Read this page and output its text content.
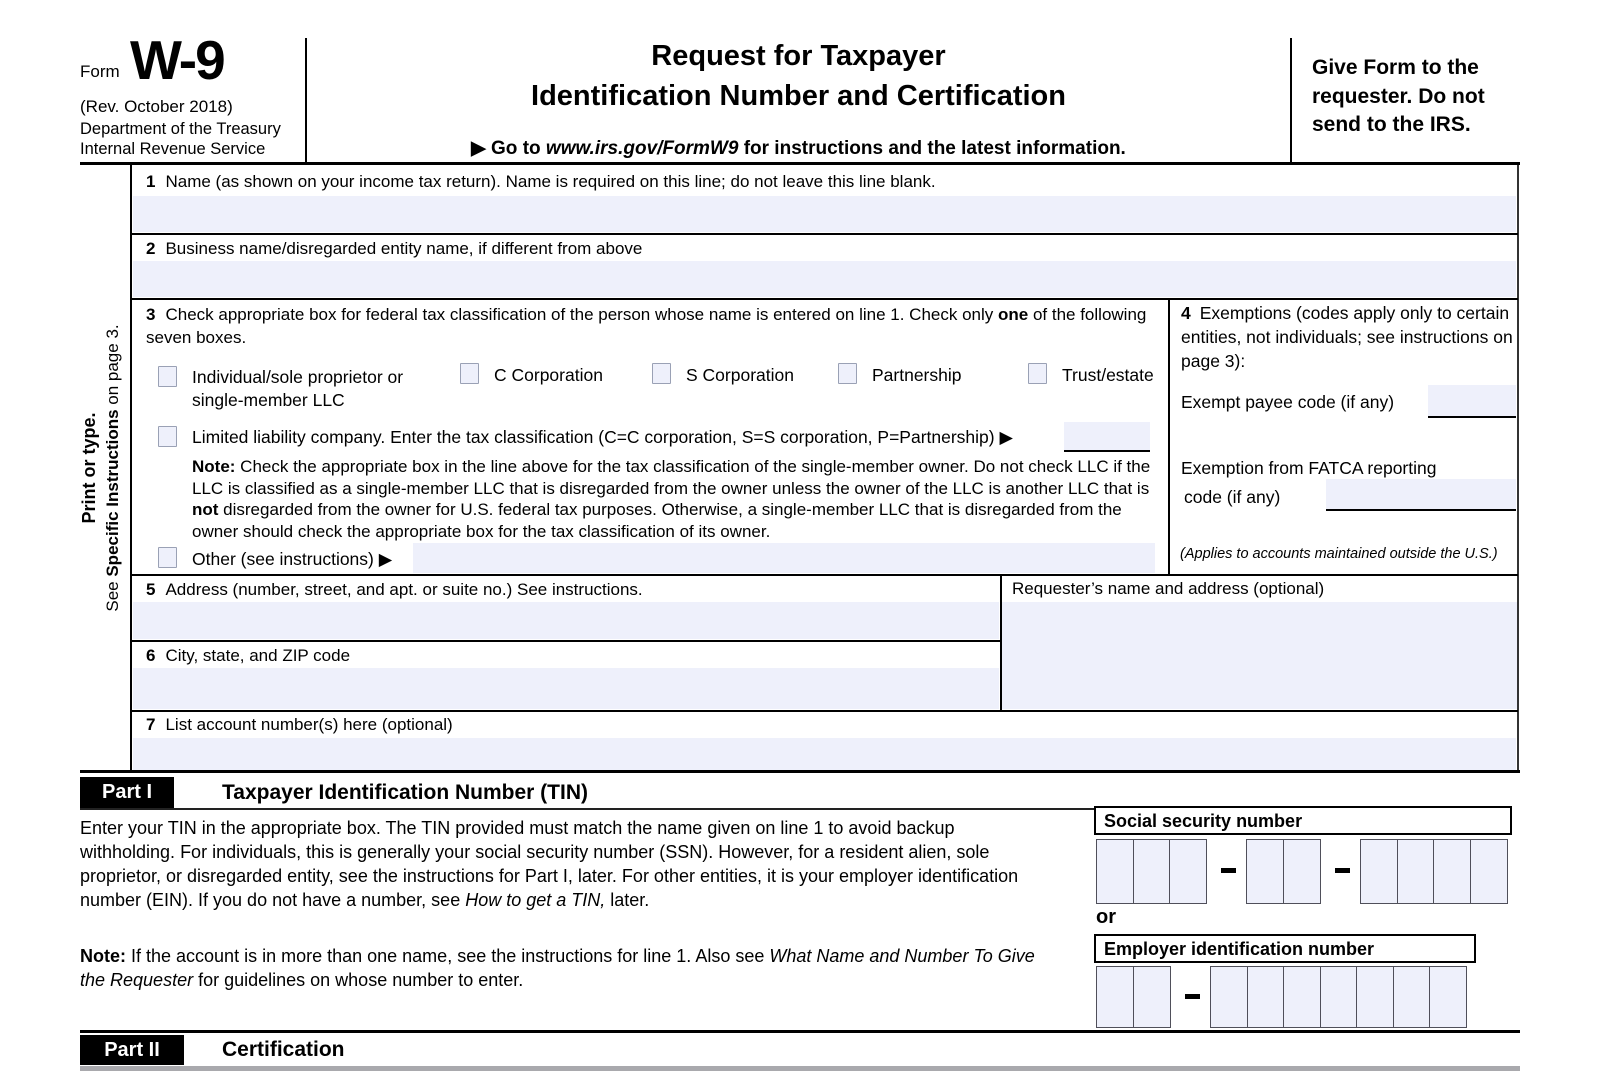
Form W-9
(Rev. October 2018)
Department of the Treasury
Internal Revenue Service
Request for Taxpayer
Identification Number and Certification
▶ Go to www.irs.gov/FormW9 for instructions and the latest information.
Give Form to the requester. Do not send to the IRS.
Print or type.
See Specific Instructions on page 3.
1 Name (as shown on your income tax return). Name is required on this line; do not leave this line blank.
2 Business name/disregarded entity name, if different from above
3 Check appropriate box for federal tax classification of the person whose name is entered on line 1. Check only one of the following seven boxes.
Individual/sole proprietor or single-member LLC
C Corporation	S Corporation	Partnership	Trust/estate
Limited liability company. Enter the tax classification (C=C corporation, S=S corporation, P=Partnership) ▶
Note: Check the appropriate box in the line above for the tax classification of the single-member owner. Do not check LLC if the LLC is classified as a single-member LLC that is disregarded from the owner unless the owner of the LLC is another LLC that is not disregarded from the owner for U.S. federal tax purposes. Otherwise, a single-member LLC that is disregarded from the owner should check the appropriate box for the tax classification of its owner.
Other (see instructions) ▶
4 Exemptions (codes apply only to certain entities, not individuals; see instructions on page 3):
Exempt payee code (if any)
Exemption from FATCA reporting
code (if any)
(Applies to accounts maintained outside the U.S.)
5 Address (number, street, and apt. or suite no.) See instructions.	Requester’s name and address (optional)
6 City, state, and ZIP code
7 List account number(s) here (optional)
Part I	Taxpayer Identification Number (TIN)
Enter your TIN in the appropriate box. The TIN provided must match the name given on line 1 to avoid backup withholding. For individuals, this is generally your social security number (SSN). However, for a resident alien, sole proprietor, or disregarded entity, see the instructions for Part I, later. For other entities, it is your employer identification number (EIN). If you do not have a number, see How to get a TIN, later.
Note: If the account is in more than one name, see the instructions for line 1. Also see What Name and Number To Give the Requester for guidelines on whose number to enter.
Social security number
or
Employer identification number
Part II	Certification
